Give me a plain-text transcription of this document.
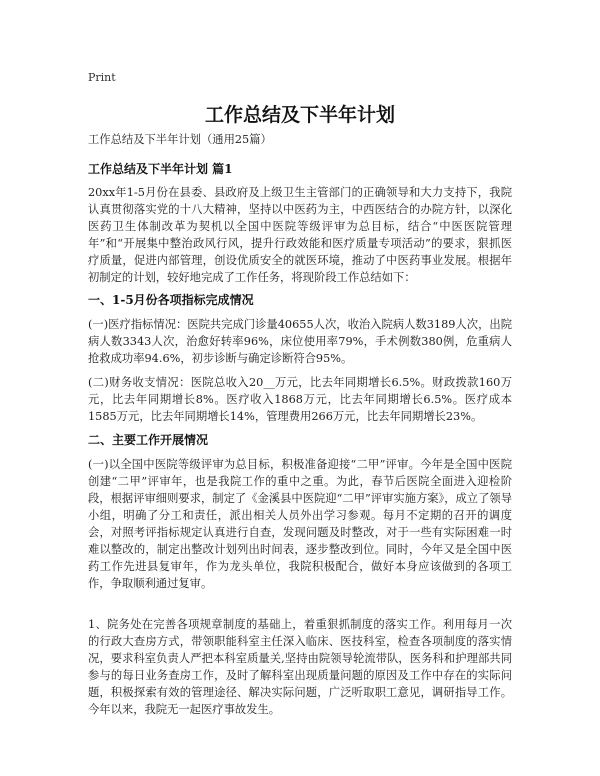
Print
工作总结及下半年计划

工作总结及下半年计划（通用25篇）

工作总结及下半年计划 篇1

20xx年1-5月份在县委、县政府及上级卫生主管部门的正确领导和大力支持下，我院认真贯彻落实党的十八大精神，坚持以中医药为主，中西医结合的办院方针，以深化医药卫生体制改革为契机以全国中医院等级评审为总目标，结合“中医医院管理年”和“开展集中整治政风行风，提升行政效能和医疗质量专项活动”的要求，狠抓医疗质量，促进内部管理，创设优质安全的就医环境，推动了中医药事业发展。根据年初制定的计划，较好地完成了工作任务，将现阶段工作总结如下：

一、1-5月份各项指标完成情况

(一)医疗指标情况：医院共完成门诊量40655人次，收治入院病人数3189人次，出院病人数3343人次，治愈好转率96%，床位使用率79%，手术例数380例，危重病人抢救成功率94.6%，初步诊断与确定诊断符合95%。

(二)财务收支情况：医院总收入20__万元，比去年同期增长6.5%。财政拨款160万元，比去年同期增长8%。医疗收入1868万元，比去年同期增长6.5%。医疗成本1585万元，比去年同期增长14%，管理费用266万元，比去年同期增长23%。

二、主要工作开展情况

(一)以全国中医院等级评审为总目标，积极准备迎接“二甲”评审。今年是全国中医院创建“二甲”评审年，也是我院工作的重中之重。为此，春节后医院全面进入迎检阶段，根据评审细则要求，制定了《金溪县中医院迎“二甲”评审实施方案》，成立了领导小组，明确了分工和责任，派出相关人员外出学习参观。每月不定期的召开的调度会，对照考评指标规定认真进行自查，发现问题及时整改，对于一些有实际困难一时难以整改的，制定出整改计划列出时间表，逐步整改到位。同时，今年又是全国中医药工作先进县复审年，作为龙头单位，我院积极配合，做好本身应该做到的各项工作，争取顺利通过复审。

1、院务处在完善各项规章制度的基础上，着重狠抓制度的落实工作。利用每月一次的行政大查房方式，带领职能科室主任深入临床、医技科室，检查各项制度的落实情况，要求科室负责人严把本科室质量关,坚持由院领导轮流带队，医务科和护理部共同参与的每日业务查房工作，及时了解科室出现质量问题的原因及工作中存在的实际问题，积极探索有效的管理途径、解决实际问题，广泛听取职工意见，调研指导工作。今年以来，我院无一起医疗事故发生。
